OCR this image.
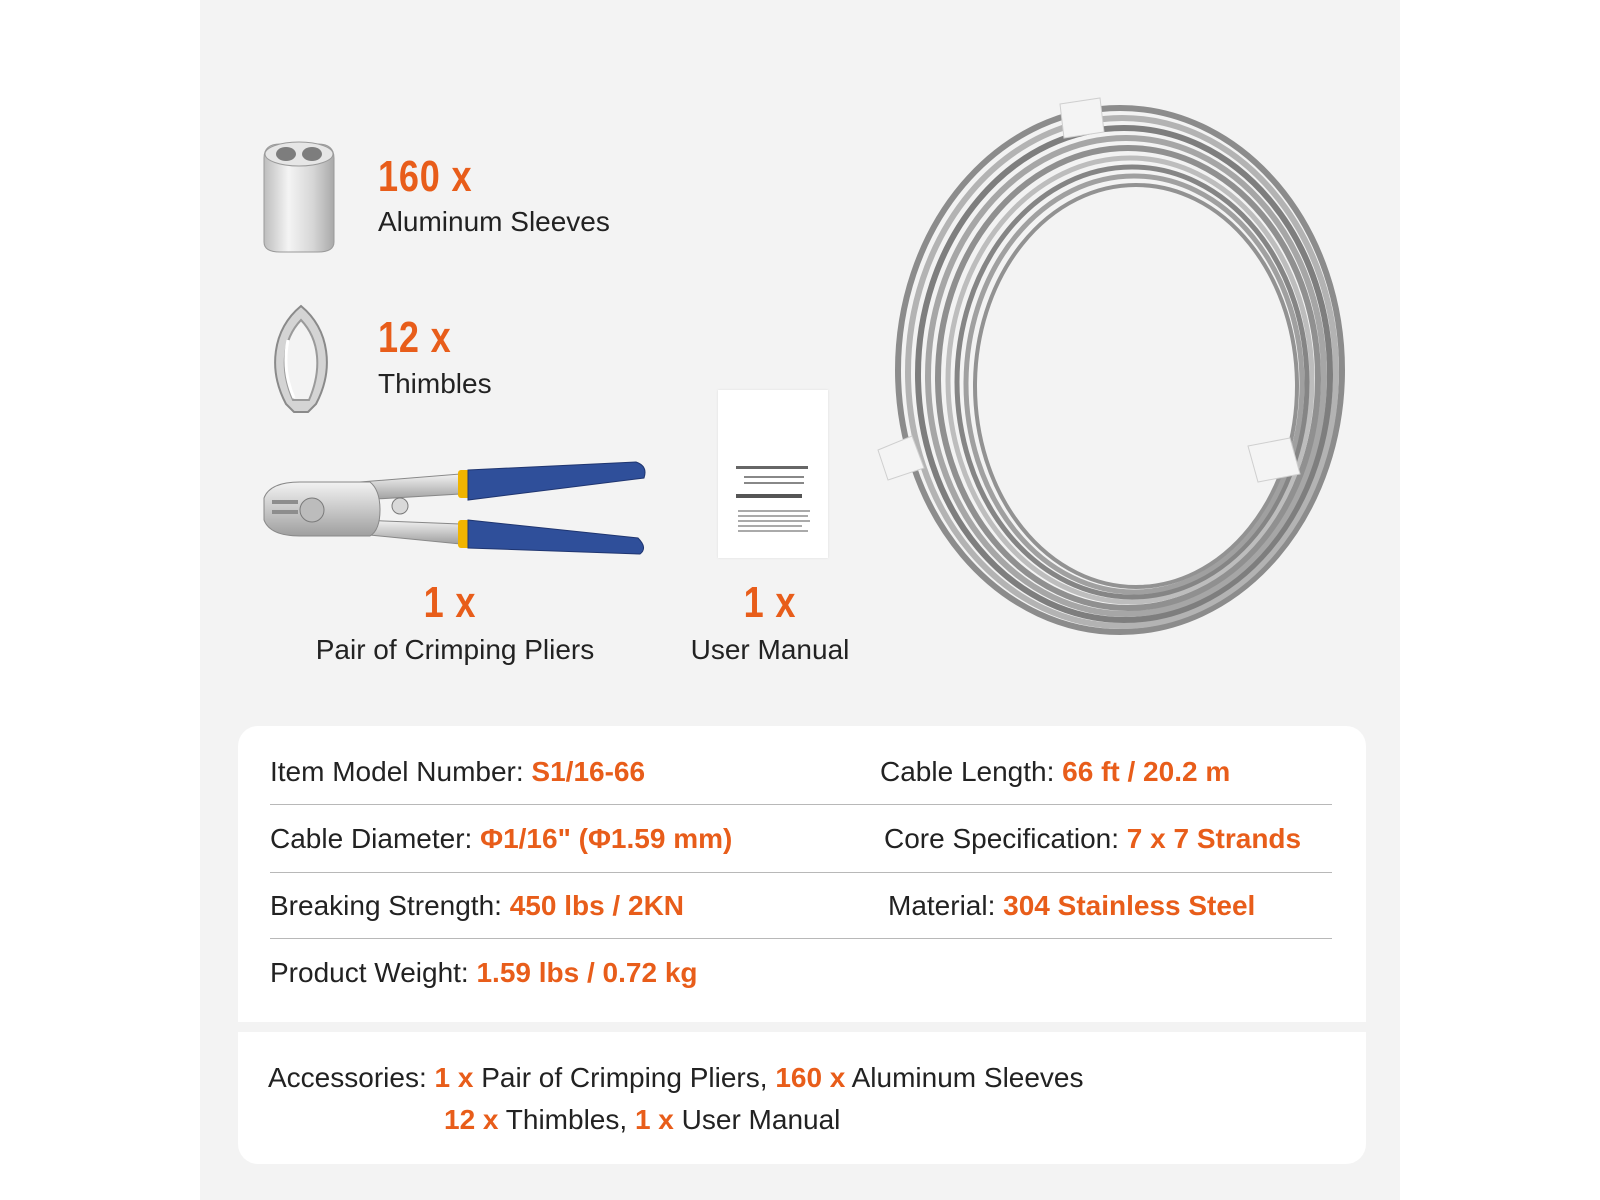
160 x
Aluminum Sleeves
12 x
Thimbles
1 x
Pair of Crimping Pliers
1 x
User Manual
Item Model Number: S1/16-66	Cable Length: 66 ft / 20.2 m
Cable Diameter: Φ1/16" (Φ1.59 mm)	Core Specification: 7 x 7 Strands
Breaking Strength: 450 lbs / 2KN	Material: 304 Stainless Steel
Product Weight: 1.59 lbs / 0.72 kg
Accessories: 1 x Pair of Crimping Pliers, 160 x Aluminum Sleeves
12 x Thimbles, 1 x User Manual
